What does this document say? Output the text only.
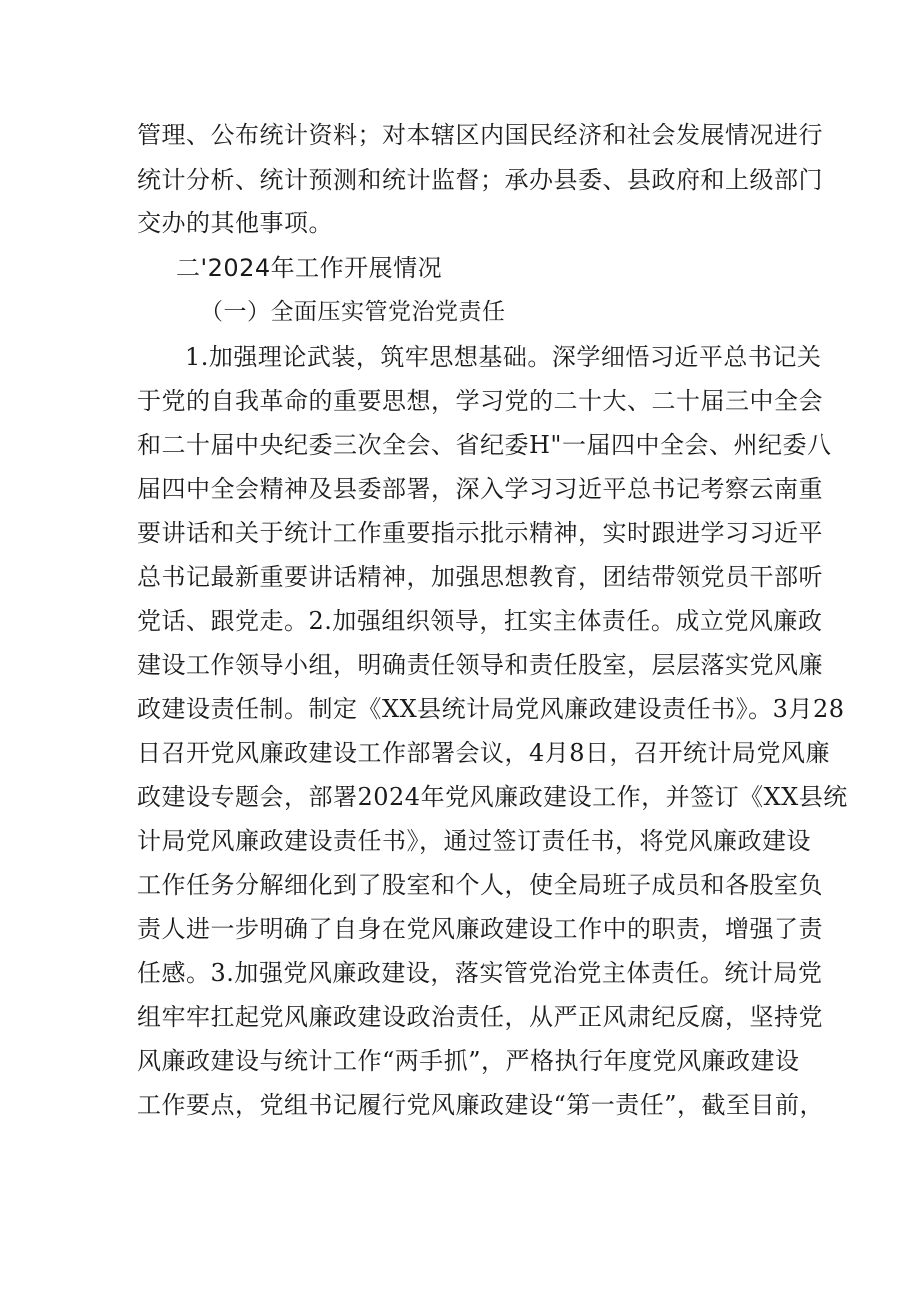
管理、公布统计资料；对本辖区内国民经济和社会发展情况进行
统计分析、统计预测和统计监督；承办县委、县政府和上级部门
交办的其他事项。
二'2024年工作开展情况
（一）全面压实管党治党责任
1.加强理论武装，筑牢思想基础。深学细悟习近平总书记关
于党的自我革命的重要思想，学习党的二十大、二十届三中全会
和二十届中央纪委三次全会、省纪委H"一届四中全会、州纪委八
届四中全会精神及县委部署，深入学习习近平总书记考察云南重
要讲话和关于统计工作重要指示批示精神，实时跟进学习习近平
总书记最新重要讲话精神，加强思想教育，团结带领党员干部听
党话、跟党走。2.加强组织领导，扛实主体责任。成立党风廉政
建设工作领导小组，明确责任领导和责任股室，层层落实党风廉
政建设责任制。制定《XX县统计局党风廉政建设责任书》。3月28
日召开党风廉政建设工作部署会议，4月8日，召开统计局党风廉
政建设专题会，部署2024年党风廉政建设工作，并签订《XX县统
计局党风廉政建设责任书》，通过签订责任书，将党风廉政建设
工作任务分解细化到了股室和个人，使全局班子成员和各股室负
责人进一步明确了自身在党风廉政建设工作中的职责，增强了责
任感。3.加强党风廉政建设，落实管党治党主体责任。统计局党
组牢牢扛起党风廉政建设政治责任，从严正风肃纪反腐，坚持党
风廉政建设与统计工作“两手抓”，严格执行年度党风廉政建设
工作要点，党组书记履行党风廉政建设“第一责任”，截至目前，
